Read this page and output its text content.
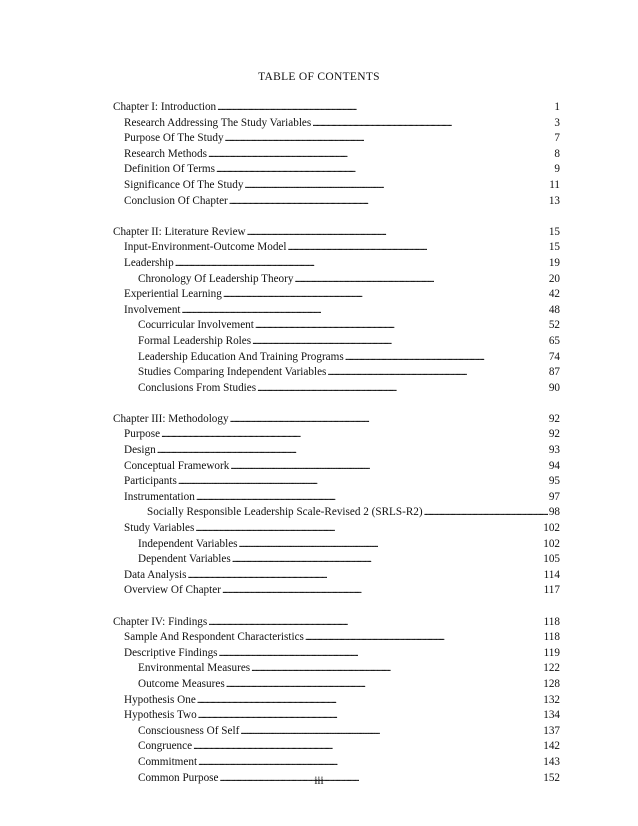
TABLE OF CONTENTS
Chapter I: Introduction . . .	1
Research Addressing The Study Variables . . .	3
Purpose Of The Study . . .	7
Research Methods . . .	8
Definition Of Terms . . .	9
Significance Of The Study . . .	11
Conclusion Of Chapter . . .	13
Chapter II: Literature Review . . .	15
Input-Environment-Outcome Model . . .	15
Leadership . . .	19
Chronology Of Leadership Theory . . .	20
Experiential Learning . . .	42
Involvement . . .	48
Cocurricular Involvement . . .	52
Formal Leadership Roles . . .	65
Leadership Education And Training Programs . . .	74
Studies Comparing Independent Variables . . .	87
Conclusions From Studies . . .	90
Chapter III: Methodology . . .	92
Purpose . . .	92
Design . . .	93
Conceptual Framework . . .	94
Participants . . .	95
Instrumentation . . .	97
Socially Responsible Leadership Scale-Revised 2 (SRLS-R2) . . .	98
Study Variables . . .	102
Independent Variables . . .	102
Dependent Variables . . .	105
Data Analysis . . .	114
Overview Of Chapter . . .	117
Chapter IV: Findings . . .	118
Sample And Respondent Characteristics . . .	118
Descriptive Findings . . .	119
Environmental Measures . . .	122
Outcome Measures . . .	128
Hypothesis One . . .	132
Hypothesis Two . . .	134
Consciousness Of Self . . .	137
Congruence . . .	142
Commitment . . .	143
Common Purpose . . .	152
iii
